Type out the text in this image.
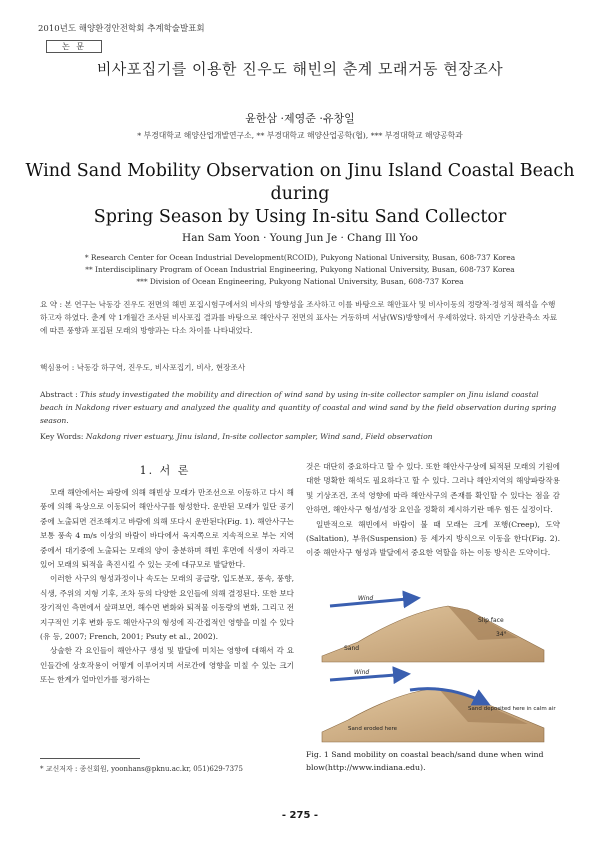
2010년도 해양환경안전학회 추계학술발표회
논 문
비사포집기를 이용한 진우도 해빈의 춘계 모래거동 현장조사
윤한삼 ·제영준 ·유창일
* 부경대학교 해양산업개발연구소, ** 부경대학교 해양산업공학(협), *** 부경대학교 해양공학과
Wind Sand Mobility Observation on Jinu Island Coastal Beach during
Spring Season by Using In-situ Sand Collector
Han Sam Yoon · Young Jun Je · Chang Ill Yoo
* Research Center for Ocean Industrial Development(RCOID), Pukyong National University, Busan, 608-737 Korea
** Interdisciplinary Program of Ocean Industrial Engineering, Pukyong National University, Busan, 608-737 Korea
*** Division of Ocean Engineering, Pukyong National University, Busan, 608-737 Korea
요 약 : 본 연구는 낙동강 진우도 전면의 해빈 포집시험구에서의 비사의 방향성을 조사하고 이를 바탕으로 해안표사 및 비사이동의 정량적·정성적 해석을 수행하고자 하였다. 춘계 약 1개월간 조사된 비사포집 결과를 바탕으로 해안사구 전면의 표사는 거동하며 서남(WS)방향에서 우세하였다. 하지만 기상관측소 자료에 따른 풍향과 포집된 모래의 방향과는 다소 차이를 나타내었다.
핵심용어 : 낙동강 하구역, 진우도, 비사포집기, 비사, 현장조사
Abstract : This study investigated the mobility and direction of wind sand by using in-site collector sampler on Jinu island coastal beach in Nakdong river estuary and analyzed the quality and quantity of coastal and wind sand by the field observation during spring season.
Key Words: Nakdong river estuary, Jinu island, In-site collector sampler, Wind sand, Field observation
1. 서 론

모래 해안에서는 파랑에 의해 해빈상 모래가 만조선으로 이동하고 다시 해풍에 의해 육상으로 이동되어 해안사구를 형성한다. 운반된 모래가 일단 공기 중에 노출되면 건조해지고 바람에 의해 또다시 운반된다(Fig. 1). 해안사구는 보통 풍속 4 m/s 이상의 바람이 바다에서 육지쪽으로 지속적으로 부는 지역중에서 대기중에 노출되는 모래의 양이 충분하며 해빈 후면에 식생이 자라고 있어 모래의 퇴적을 촉진시킬 수 있는 곳에 대규모로 발달한다.

이러한 사구의 형성과정이나 속도는 모래의 공급량, 입도분포, 풍속, 풍향, 식생, 주위의 지형 기후, 조차 등의 다양한 요인들에 의해 결정된다. 또한 보다 장기적인 측면에서 살펴보면, 해수면 변화와 퇴적물 이동량의 변화, 그리고 전지구적인 기후 변화 등도 해안사구의 형성에 직·간접적인 영향을 미칠 수 있다(유 등, 2007; French, 2001; Psuty et al., 2002).

상술한 각 요인들이 해안사구 생성 및 발달에 미치는 영향에 대해서 각 요인들간에 상호작용이 어떻게 이루어지며 서로간에 영향을 미칠 수 있는 크기 또는 한계가 얼마인가를 평가하는

것은 대단히 중요하다고 할 수 있다. 또한 해안사구상에 퇴적된 모래의 기원에 대한 명확한 해석도 필요하다고 할 수 있다. 그러나 해안지역의 해양파랑작용 및 기상조건, 조석 영향에 따라 해안사구의 존재를 확인할 수 있다는 점을 감안하면, 해안사구 형성/성장 요인을 정확히 제시하기란 매우 힘든 실정이다.

일반적으로 해빈에서 바람이 불 때 모래는 크게 포행(Creep), 도약(Saltation), 부유(Suspension) 등 세가지 방식으로 이동을 한다(Fig. 2). 이중 해안사구 형성과 발달에서 중요한 역할을 하는 이동 방식은 도약이다.

Wind
Slip face
Sand
34°
Wind
Sand eroded here
Sand deposited here in calm air
Fig. 1 Sand mobility on coastal beach/sand dune when wind blow(http://www.indiana.edu).
* 교신저자 : 종신회원, yoonhans@pknu.ac.kr, 051)629-7375
- 275 -
